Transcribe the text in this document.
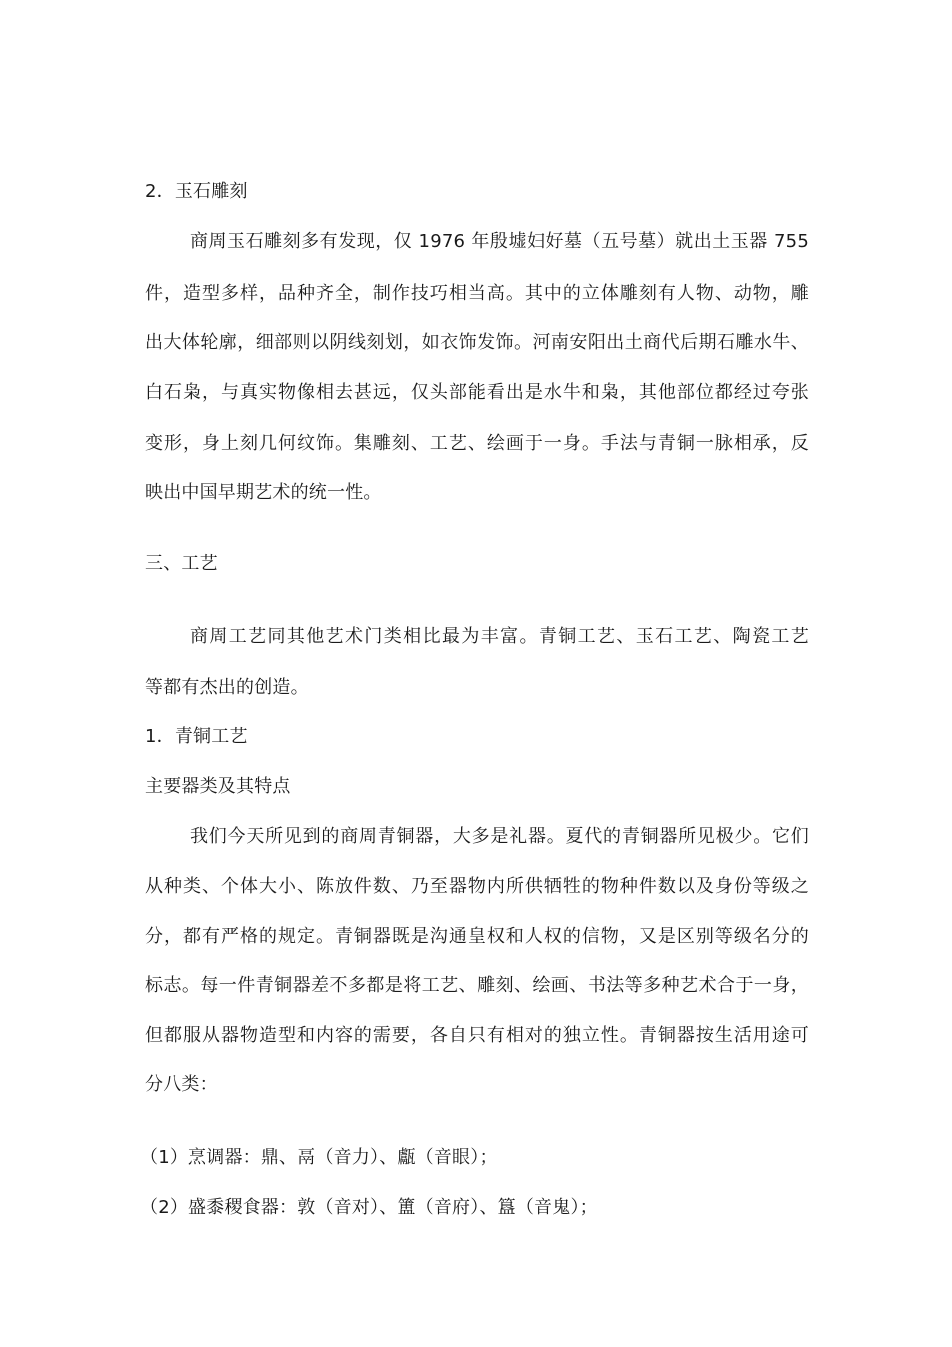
2．玉石雕刻
商周玉石雕刻多有发现，仅 1976 年殷墟妇好墓（五号墓）就出土玉器 755
件，造型多样，品种齐全，制作技巧相当高。其中的立体雕刻有人物、动物，雕
出大体轮廓，细部则以阴线刻划，如衣饰发饰。河南安阳出土商代后期石雕水牛、
白石枭，与真实物像相去甚远，仅头部能看出是水牛和枭，其他部位都经过夸张
变形，身上刻几何纹饰。集雕刻、工艺、绘画于一身。手法与青铜一脉相承，反
映出中国早期艺术的统一性。
三、工艺
商周工艺同其他艺术门类相比最为丰富。青铜工艺、玉石工艺、陶瓷工艺
等都有杰出的创造。
1．青铜工艺
主要器类及其特点
我们今天所见到的商周青铜器，大多是礼器。夏代的青铜器所见极少。它们
从种类、个体大小、陈放件数、乃至器物内所供牺牲的物种件数以及身份等级之
分，都有严格的规定。青铜器既是沟通皇权和人权的信物，又是区别等级名分的
标志。每一件青铜器差不多都是将工艺、雕刻、绘画、书法等多种艺术合于一身，
但都服从器物造型和内容的需要，各自只有相对的独立性。青铜器按生活用途可
分八类：
（1）烹调器：鼎、鬲（音力）、甗（音眼）；
（2）盛黍稷食器：敦（音对）、簠（音府）、簋（音鬼）；
